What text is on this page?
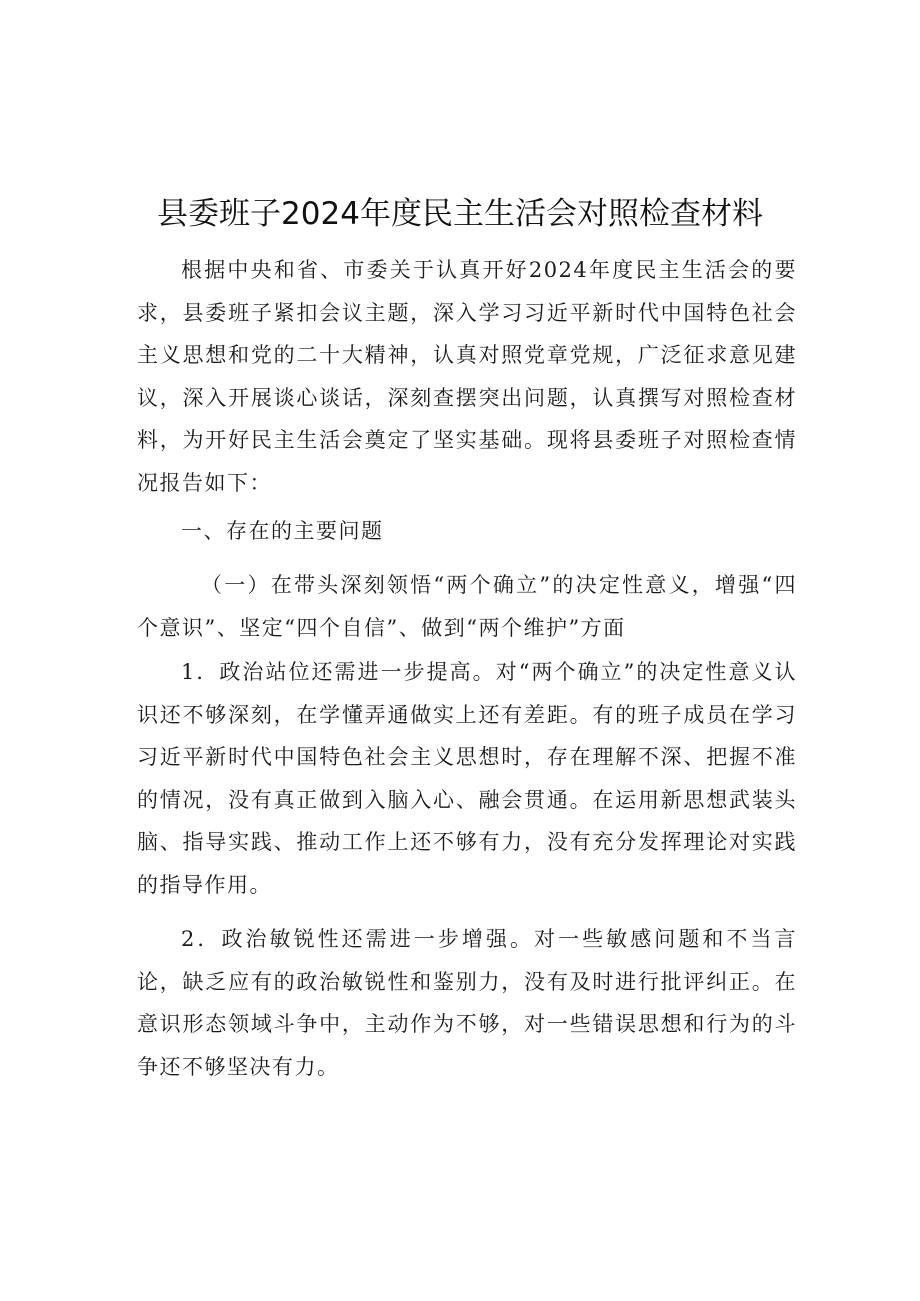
县委班子2024年度民主生活会对照检查材料

根据中央和省、市委关于认真开好2024年度民主生活会的要求，县委班子紧扣会议主题，深入学习习近平新时代中国特色社会主义思想和党的二十大精神，认真对照党章党规，广泛征求意见建议，深入开展谈心谈话，深刻查摆突出问题，认真撰写对照检查材料，为开好民主生活会奠定了坚实基础。现将县委班子对照检查情况报告如下：

一、存在的主要问题

（一）在带头深刻领悟“两个确立”的决定性意义，增强“四个意识”、坚定“四个自信”、做到“两个维护”方面

1．政治站位还需进一步提高。对“两个确立”的决定性意义认识还不够深刻，在学懂弄通做实上还有差距。有的班子成员在学习习近平新时代中国特色社会主义思想时，存在理解不深、把握不准的情况，没有真正做到入脑入心、融会贯通。在运用新思想武装头脑、指导实践、推动工作上还不够有力，没有充分发挥理论对实践的指导作用。

2．政治敏锐性还需进一步增强。对一些敏感问题和不当言论，缺乏应有的政治敏锐性和鉴别力，没有及时进行批评纠正。在意识形态领域斗争中，主动作为不够，对一些错误思想和行为的斗争还不够坚决有力。
